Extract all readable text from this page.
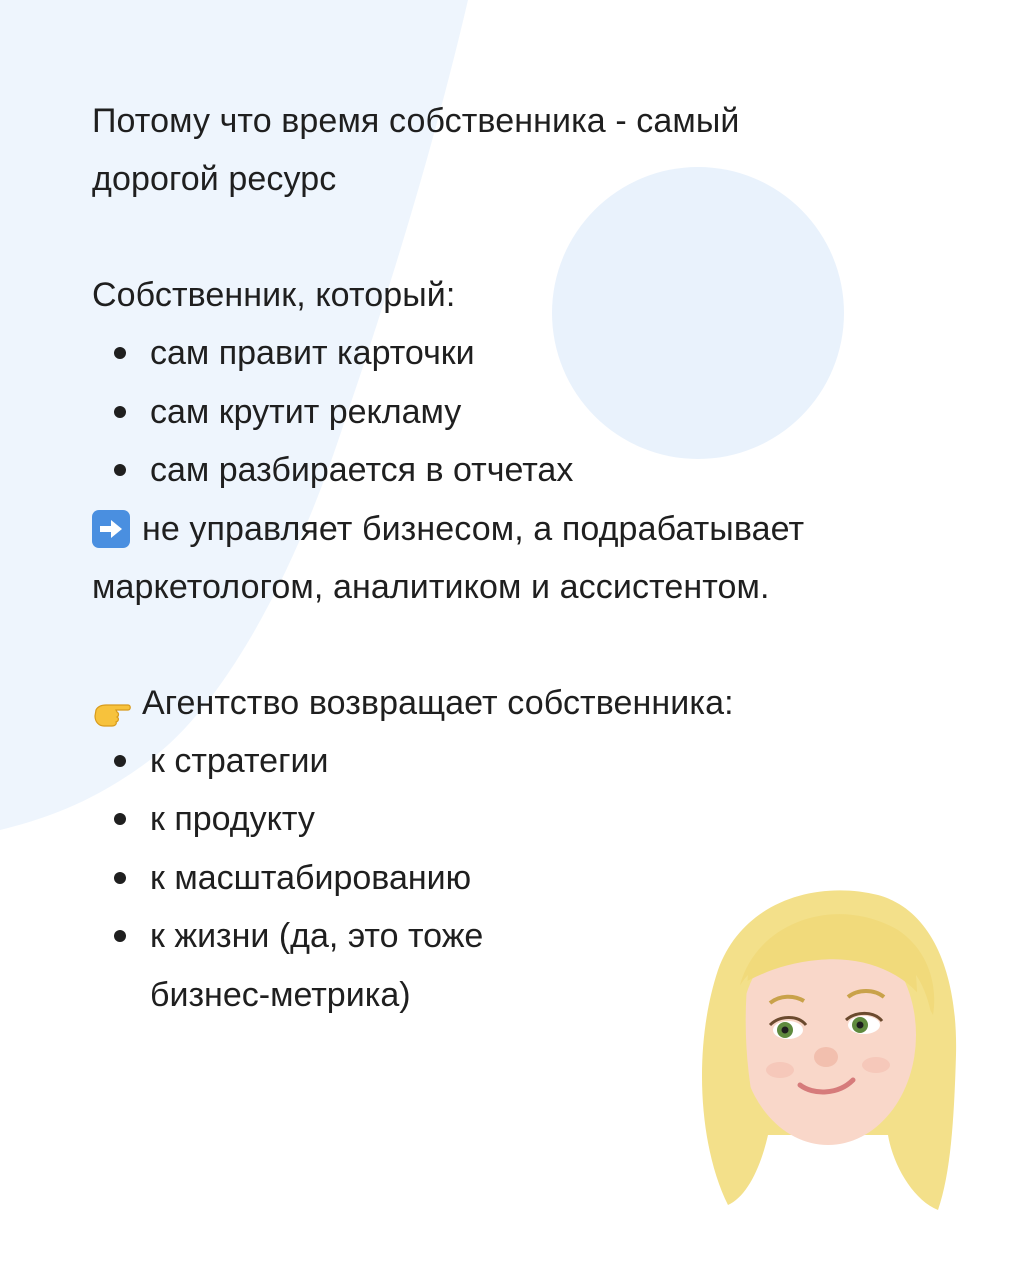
Потому что время собственника - самый

дорогой ресурс

Собственник, который:

сам правит карточки
сам крутит рекламу
сам разбирается в отчетах

не управляет бизнесом, а подрабатывает

маркетологом, аналитиком и ассистентом.

Агентство возвращает собственника:

к стратегии
к продукту
к масштабированию
к жизни (да, это тоже
бизнес-метрика)
